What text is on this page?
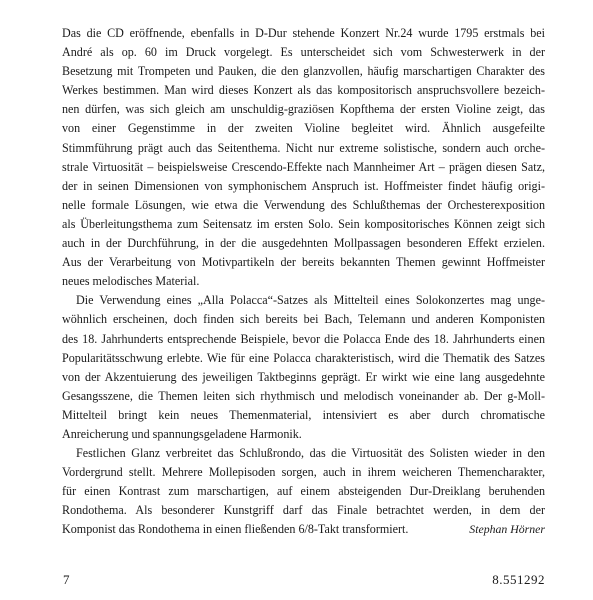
Das die CD eröffnende, ebenfalls in D-Dur stehende Konzert Nr.24 wurde 1795 erstmals bei
André als op. 60 im Druck vorgelegt. Es unterscheidet sich vom Schwesterwerk in der
Besetzung mit Trompeten und Pauken, die den glanzvollen, häufig marschartigen Charakter des
Werkes bestimmen. Man wird dieses Konzert als das kompositorisch anspruchsvollere bezeich-
nen dürfen, was sich gleich am unschuldig-graziösen Kopfthema der ersten Violine zeigt, das
von einer Gegenstimme in der zweiten Violine begleitet wird. Ähnlich ausgefeilte
Stimmführung prägt auch das Seitenthema. Nicht nur extreme solistische, sondern auch orche-
strale Virtuosität – beispielsweise Crescendo-Effekte nach Mannheimer Art – prägen diesen Satz,
der in seinen Dimensionen von symphonischem Anspruch ist. Hoffmeister findet häufig origi-
nelle formale Lösungen, wie etwa die Verwendung des Schlußthemas der Orchesterexposition
als Überleitungsthema zum Seitensatz im ersten Solo. Sein kompositorisches Können zeigt sich
auch in der Durchführung, in der die ausgedehnten Mollpassagen besonderen Effekt erzielen.
Aus der Verarbeitung von Motivpartikeln der bereits bekannten Themen gewinnt Hoffmeister
neues melodisches Material.
Die Verwendung eines „Alla Polacca“-Satzes als Mittelteil eines Solokonzertes mag unge-
wöhnlich erscheinen, doch finden sich bereits bei Bach, Telemann und anderen Komponisten
des 18. Jahrhunderts entsprechende Beispiele, bevor die Polacca Ende des 18. Jahrhunderts einen
Popularitätsschwung erlebte. Wie für eine Polacca charakteristisch, wird die Thematik des Satzes
von der Akzentuierung des jeweiligen Taktbeginns geprägt. Er wirkt wie eine lang ausgedehnte
Gesangsszene, die Themen leiten sich rhythmisch und melodisch voneinander ab. Der g-Moll-
Mittelteil bringt kein neues Themenmaterial, intensiviert es aber durch chromatische
Anreicherung und spannungsgeladene Harmonik.
Festlichen Glanz verbreitet das Schlußrondo, das die Virtuosität des Solisten wieder in den
Vordergrund stellt. Mehrere Mollepisoden sorgen, auch in ihrem weicheren Themencharakter,
für einen Kontrast zum marschartigen, auf einem absteigenden Dur-Dreiklang beruhenden
Rondothema. Als besonderer Kunstgriff darf das Finale betrachtet werden, in dem der
Komponist das Rondothema in einen fließenden 6/8-Takt transformiert.	Stephan Hörner
7	8.551292
